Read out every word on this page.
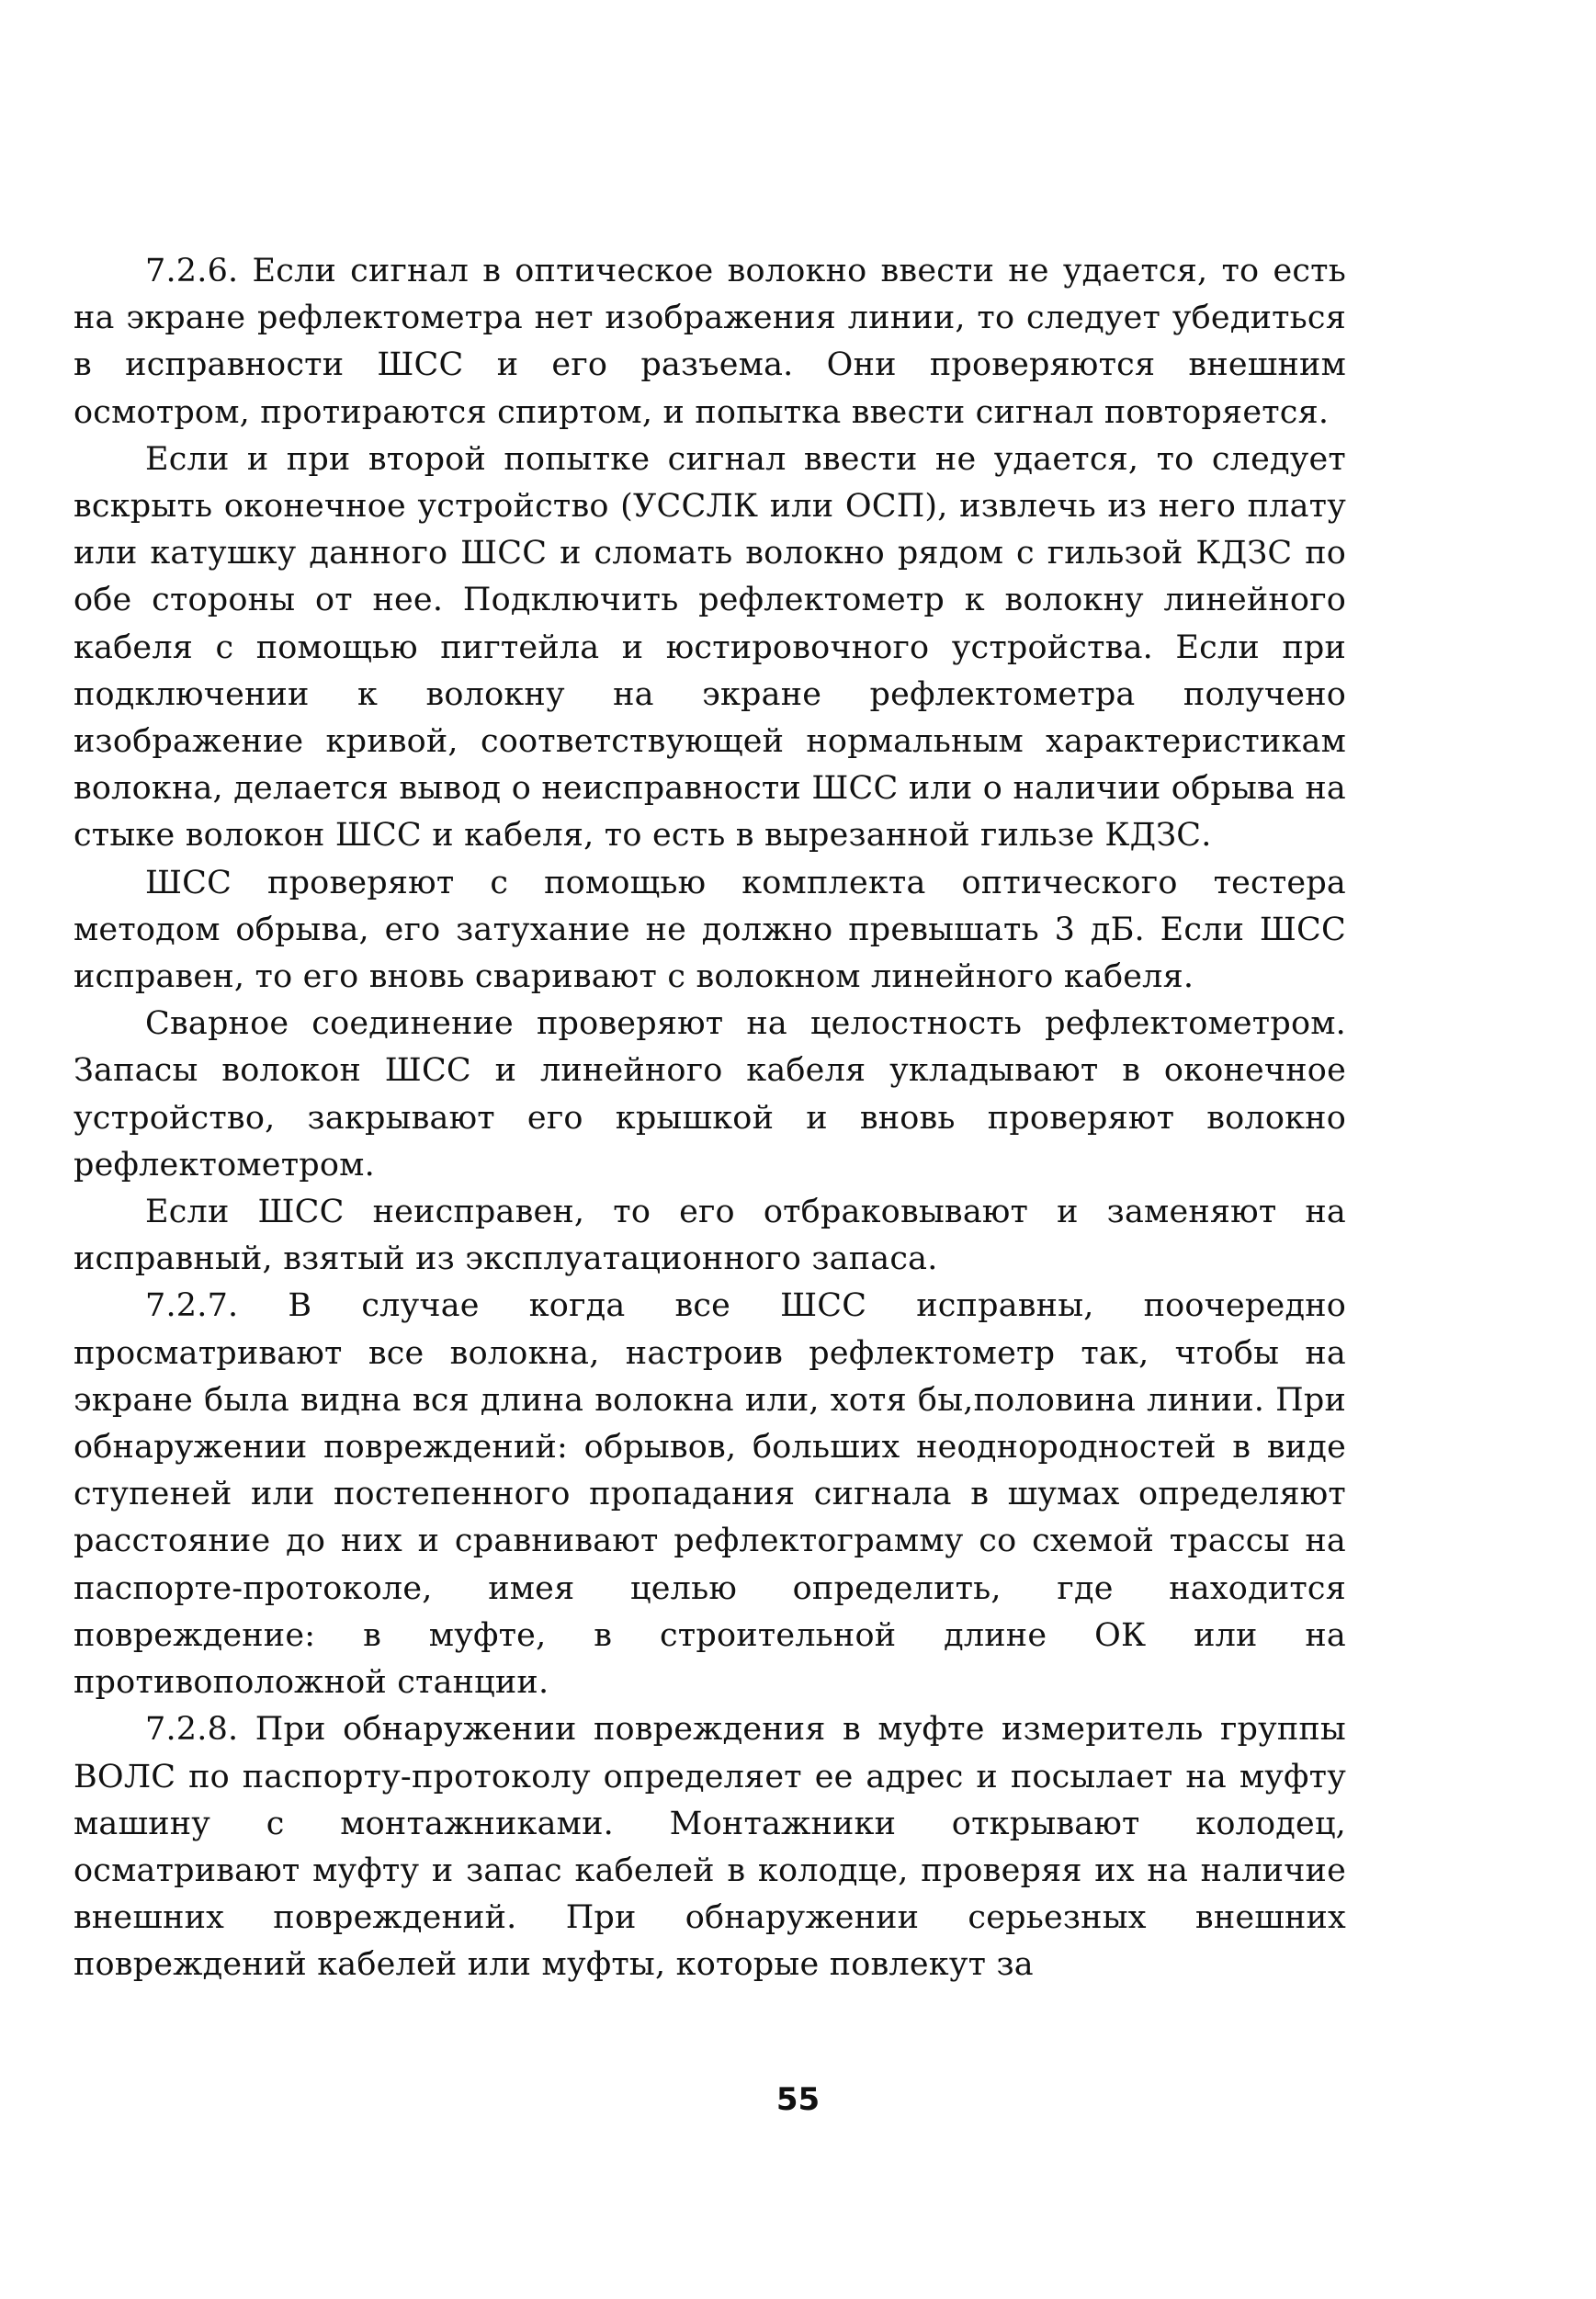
7.2.6. Если сигнал в оптическое волокно ввести не удается, то есть на экране рефлектометра нет изображения линии, то следует убедиться в исправности ШСС и его разъема. Они проверяются внешним осмотром, протираются спиртом, и попытка ввести сигнал повторяется.

Если и при второй попытке сигнал ввести не удается, то следует вскрыть оконечное устройство (УССЛК или ОСП), извлечь из него плату или катушку данного ШСС и сломать волокно рядом с гильзой КДЗС по обе стороны от нее. Подключить рефлектометр к волокну линейного кабеля с помощью пигтейла и юстировочного устройства. Если при подключении к волокну на экране рефлектометра получено изображение кривой, соответствующей нормальным характеристикам волокна, делается вывод о неисправности ШСС или о наличии обрыва на стыке волокон ШСС и кабеля, то есть в вырезанной гильзе КДЗС.

ШСС проверяют с помощью комплекта оптического тестера методом обрыва, его затухание не должно превышать 3 дБ. Если ШСС исправен, то его вновь сваривают с волокном линейного кабеля.

Сварное соединение проверяют на целостность рефлектометром. Запасы волокон ШСС и линейного кабеля укладывают в оконечное устройство, закрывают его крышкой и вновь проверяют волокно рефлектометром.

Если ШСС неисправен, то его отбраковывают и заменяют на исправный, взятый из эксплуатационного запаса.

7.2.7. В случае когда все ШСС исправны, поочередно просматривают все волокна, настроив рефлектометр так, чтобы на экране была видна вся длина волокна или, хотя бы,половина линии. При обнаружении повреждений: обрывов, больших неоднородностей в виде ступеней или постепенного пропадания сигнала в шумах определяют расстояние до них и сравнивают рефлектограмму со схемой трассы на паспорте-протоколе, имея целью определить, где находится повреждение: в муфте, в строительной длине ОК или на противоположной станции.

7.2.8. При обнаружении повреждения в муфте измеритель группы ВОЛС по паспорту-протоколу определяет ее адрес и посылает на муфту машину с монтажниками. Монтажники открывают колодец, осматривают муфту и запас кабелей в колодце, проверяя их на наличие внешних повреждений. При обнаружении серьезных внешних повреждений кабелей или муфты, которые повлекут за

55
